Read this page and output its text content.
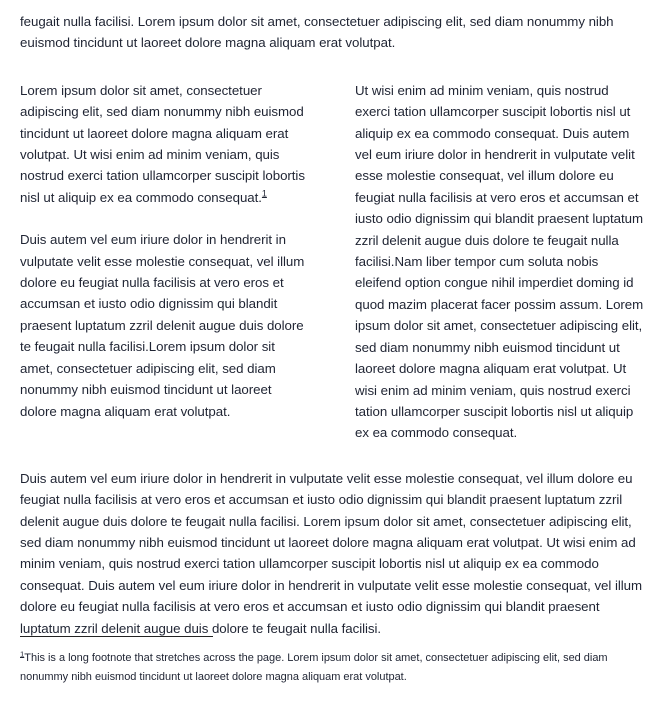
feugait nulla facilisi. Lorem ipsum dolor sit amet, consectetuer adipiscing elit, sed diam nonummy nibh euismod tincidunt ut laoreet dolore magna aliquam erat volutpat.

Lorem ipsum dolor sit amet, consectetuer adipiscing elit, sed diam nonummy nibh euismod tincidunt ut laoreet dolore magna aliquam erat volutpat. Ut wisi enim ad minim veniam, quis nostrud exerci tation ullamcorper suscipit lobortis nisl ut aliquip ex ea commodo consequat.$^1$

Duis autem vel eum iriure dolor in hendrerit in vulputate velit esse molestie consequat, vel illum dolore eu feugiat nulla facilisis at vero eros et accumsan et iusto odio dignissim qui blandit praesent luptatum zzril delenit augue duis dolore te feugait nulla facilisi.Lorem ipsum dolor sit amet, consectetuer adipiscing elit, sed diam nonummy nibh euismod tincidunt ut laoreet dolore magna aliquam erat volutpat.

Ut wisi enim ad minim veniam, quis nostrud exerci tation ullamcorper suscipit lobortis nisl ut aliquip ex ea commodo consequat. Duis autem vel eum iriure dolor in hendrerit in vulputate velit esse molestie consequat, vel illum dolore eu feugiat nulla facilisis at vero eros et accumsan et iusto odio dignissim qui blandit praesent luptatum zzril delenit augue duis dolore te feugait nulla facilisi.Nam liber tempor cum soluta nobis eleifend option congue nihil imperdiet doming id quod mazim placerat facer possim assum. Lorem ipsum dolor sit amet, consectetuer adipiscing elit, sed diam nonummy nibh euismod tincidunt ut laoreet dolore magna aliquam erat volutpat. Ut wisi enim ad minim veniam, quis nostrud exerci tation ullamcorper suscipit lobortis nisl ut aliquip ex ea commodo consequat.

Duis autem vel eum iriure dolor in hendrerit in vulputate velit esse molestie consequat, vel illum dolore eu feugiat nulla facilisis at vero eros et accumsan et iusto odio dignissim qui blandit praesent luptatum zzril delenit augue duis dolore te feugait nulla facilisi. Lorem ipsum dolor sit amet, consectetuer adipiscing elit, sed diam nonummy nibh euismod tincidunt ut laoreet dolore magna aliquam erat volutpat. Ut wisi enim ad minim veniam, quis nostrud exerci tation ullamcorper suscipit lobortis nisl ut aliquip ex ea commodo consequat. Duis autem vel eum iriure dolor in hendrerit in vulputate velit esse molestie consequat, vel illum dolore eu feugiat nulla facilisis at vero eros et accumsan et iusto odio dignissim qui blandit praesent luptatum zzril delenit augue duis dolore te feugait nulla facilisi.

$^1$This is a long footnote that stretches across the page. Lorem ipsum dolor sit amet, consectetuer adipiscing elit, sed diam nonummy nibh euismod tincidunt ut laoreet dolore magna aliquam erat volutpat.
